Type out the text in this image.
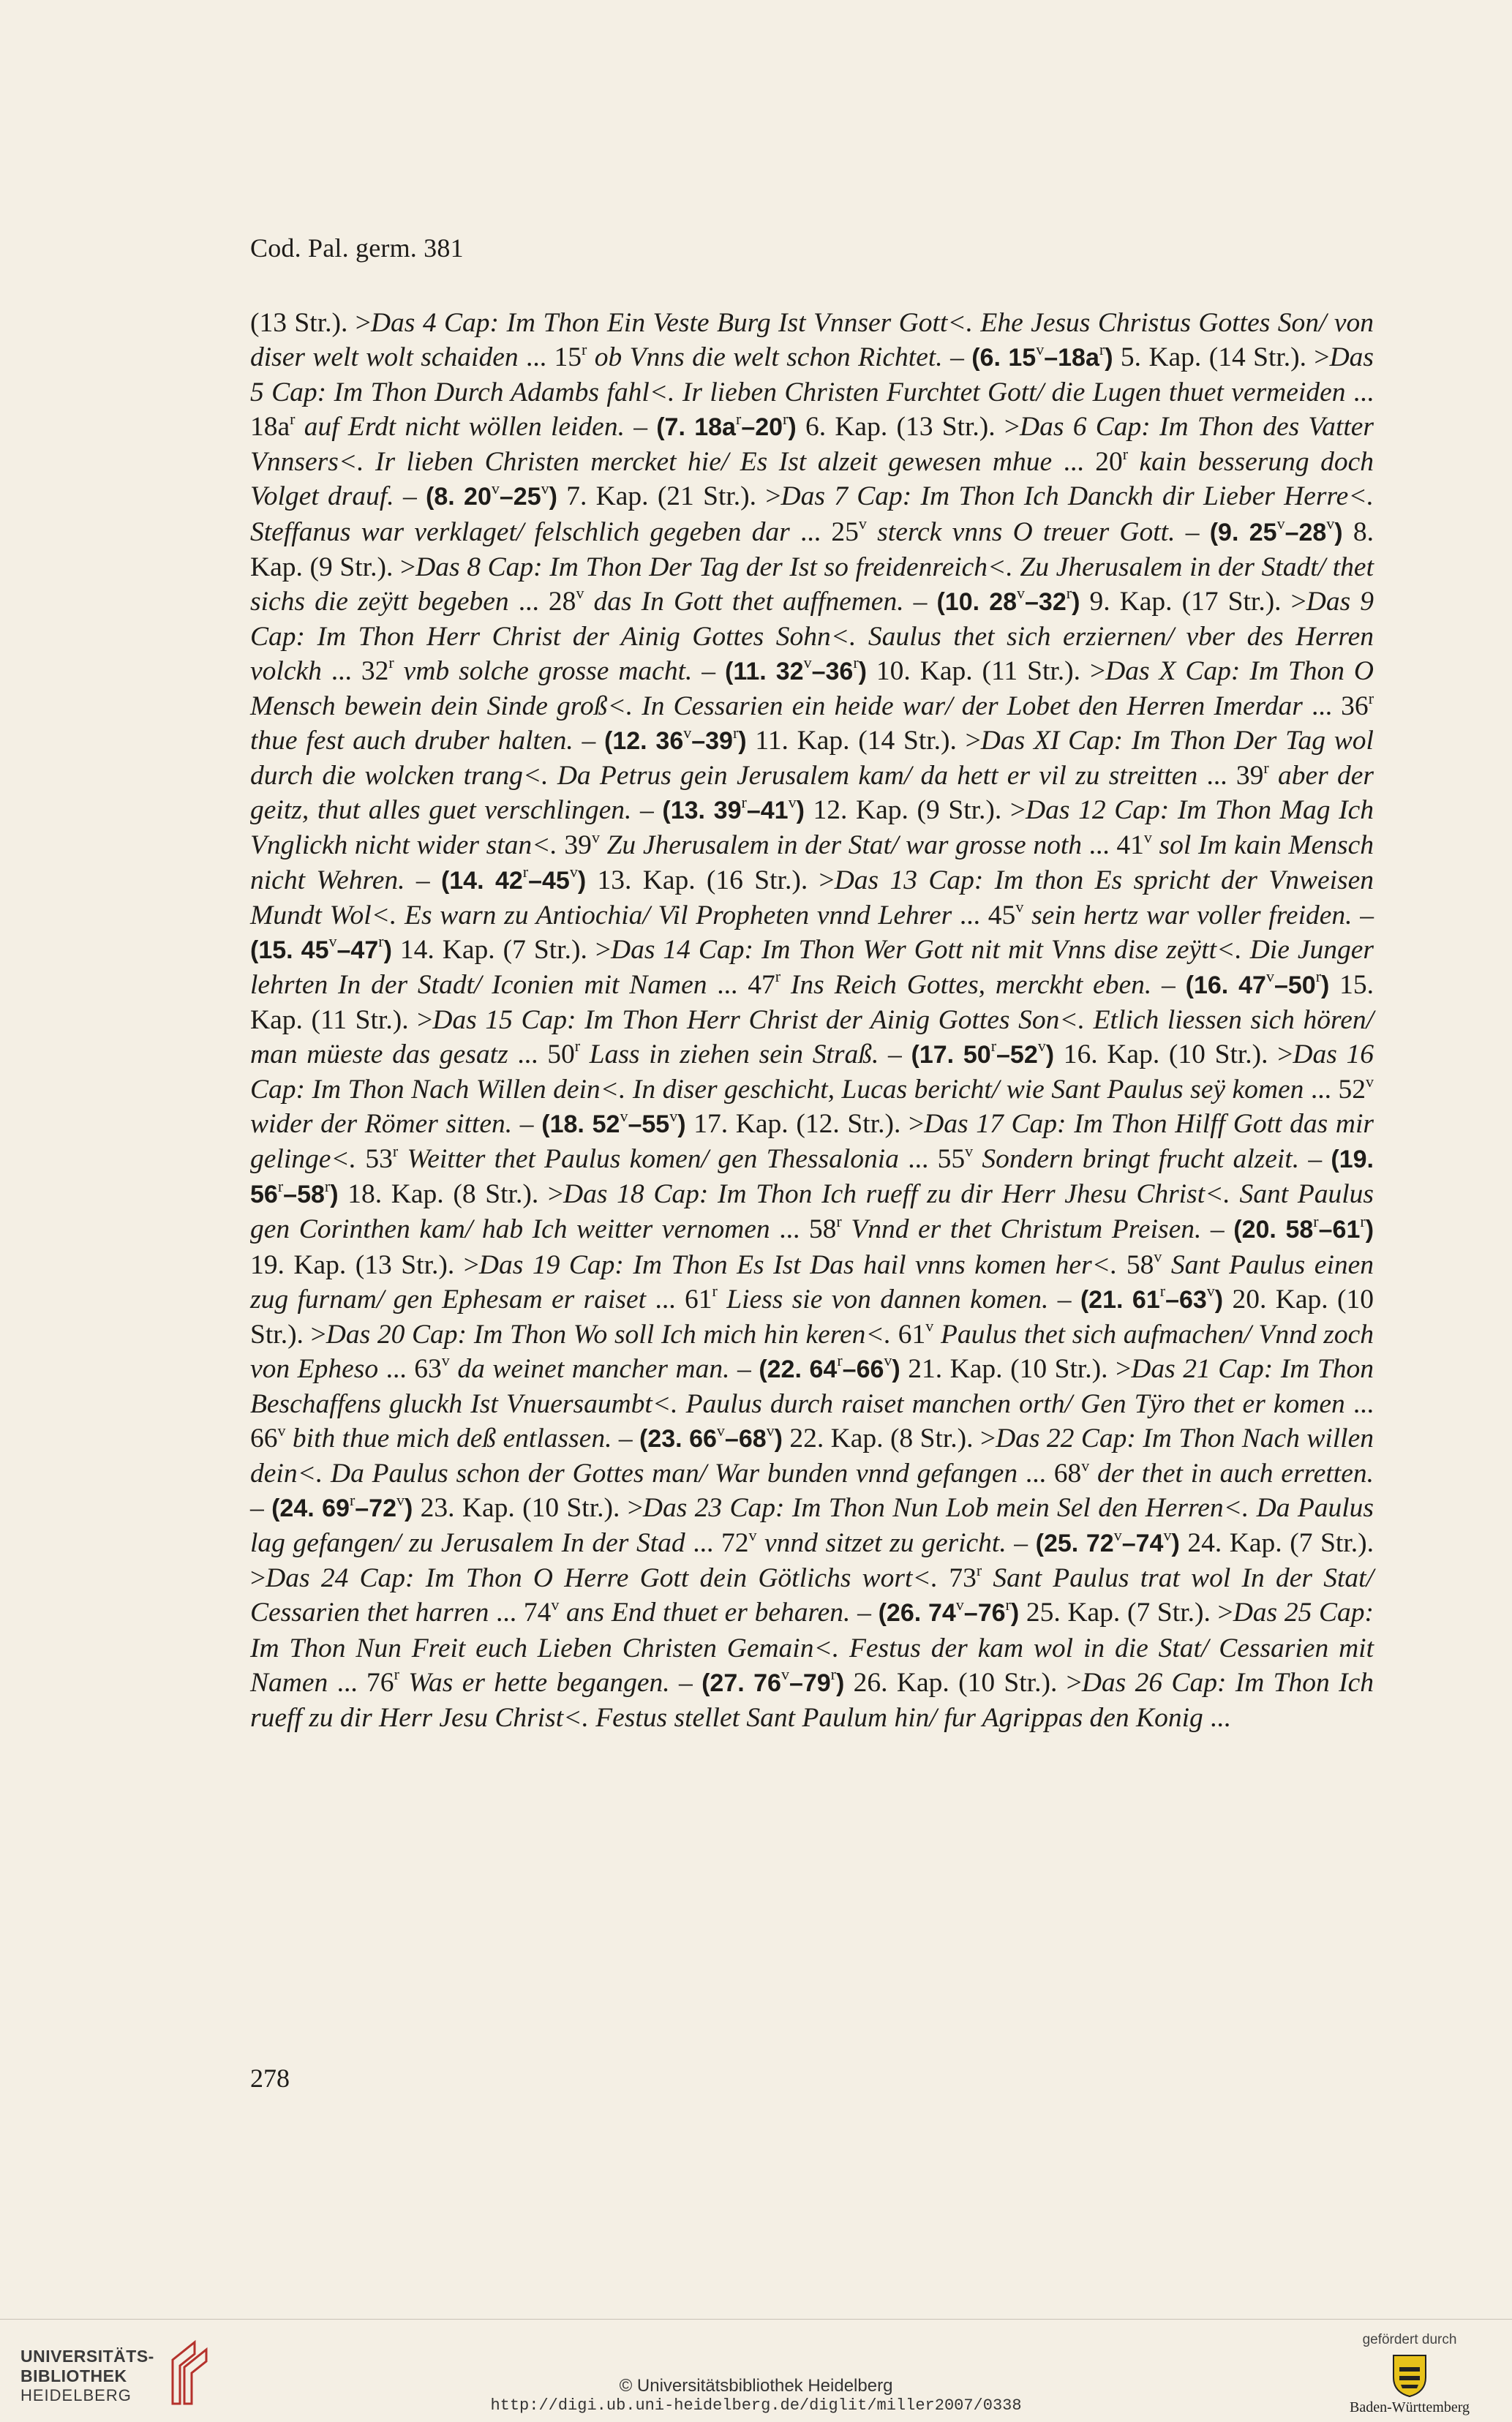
Cod. Pal. germ. 381
(13 Str.). >Das 4 Cap: Im Thon Ein Veste Burg Ist Vnnser Gott<. Ehe Jesus Christus Gottes Son/ von diser welt wolt schaiden ... 15$^r$ ob Vnns die welt schon Richtet. – (6. $15^v-18a^r$) 5. Kap. (14 Str.). >Das 5 Cap: Im Thon Durch Adambs fahl<. Ir lieben Christen Furchtet Gott/ die Lugen thuet vermeiden ... $18a^r$ auf Erdt nicht wöllen leiden. – (7. $18a^r-20^r$) 6. Kap. (13 Str.). >Das 6 Cap: Im Thon des Vatter Vnnsers<. Ir lieben Christen mercket hie/ Es Ist alzeit gewesen mhue ... 20$^r$ kain besserung doch Volget drauf. – (8. 20$^v$–25$^v$) 7. Kap. (21 Str.). >Das 7 Cap: Im Thon Ich Danckh dir Lieber Herre<. Steffanus war verklaget/ felschlich gegeben dar ... 25$^v$ sterck vnns O treuer Gott. – (9. 25$^v$–28$^v$) 8. Kap. (9 Str.). >Das 8 Cap: Im Thon Der Tag der Ist so freidenreich<. Zu Jherusalem in der Stadt/ thet sichs die zeÿtt begeben ... 28$^v$ das In Gott thet auffnemen. – (10. 28$^v$–32$^r$) 9. Kap. (17 Str.). >Das 9 Cap: Im Thon Herr Christ der Ainig Gottes Sohn<. Saulus thet sich erziernen/ vber des Herren volckh ... 32$^r$ vmb solche grosse macht. – (11. 32$^v$–36$^r$) 10. Kap. (11 Str.). >Das X Cap: Im Thon O Mensch bewein dein Sinde groß<. In Cessarien ein heide war/ der Lobet den Herren Imerdar ... 36$^r$ thue fest auch druber halten. – (12. 36$^v$–39$^r$) 11. Kap. (14 Str.). >Das XI Cap: Im Thon Der Tag wol durch die wolcken trang<. Da Petrus gein Jerusalem kam/ da hett er vil zu streitten ... 39$^r$ aber der geitz, thut alles guet verschlingen. – (13. 39$^r$–41$^v$) 12. Kap. (9 Str.). >Das 12 Cap: Im Thon Mag Ich Vnglickh nicht wider stan<. 39$^v$ Zu Jherusalem in der Stat/ war grosse noth ... 41$^v$ sol Im kain Mensch nicht Wehren. – (14. 42$^r$–45$^v$) 13. Kap. (16 Str.). >Das 13 Cap: Im thon Es spricht der Vnweisen Mundt Wol<. Es warn zu Antiochia/ Vil Propheten vnnd Lehrer ... 45$^v$ sein hertz war voller freiden. – (15. 45$^v$–47$^r$) 14. Kap. (7 Str.). >Das 14 Cap: Im Thon Wer Gott nit mit Vnns dise zeÿtt<. Die Junger lehrten In der Stadt/ Iconien mit Namen ... 47$^r$ Ins Reich Gottes, merckht eben. – (16. 47$^v$–50$^r$) 15. Kap. (11 Str.). >Das 15 Cap: Im Thon Herr Christ der Ainig Gottes Son<. Etlich liessen sich hören/ man müeste das gesatz ... 50$^r$ Lass in ziehen sein Straß. – (17. 50$^r$–52$^v$) 16. Kap. (10 Str.). >Das 16 Cap: Im Thon Nach Willen dein<. In diser geschicht, Lucas bericht/ wie Sant Paulus seÿ komen ... 52$^v$ wider der Römer sitten. – (18. 52$^v$–55$^v$) 17. Kap. (12. Str.). >Das 17 Cap: Im Thon Hilff Gott das mir gelinge<. 53$^r$ Weitter thet Paulus komen/ gen Thessalonia ... 55$^v$ Sondern bringt frucht alzeit. – (19. 56$^r$–58$^r$) 18. Kap. (8 Str.). >Das 18 Cap: Im Thon Ich rueff zu dir Herr Jhesu Christ<. Sant Paulus gen Corinthen kam/ hab Ich weitter vernomen ... 58$^r$ Vnnd er thet Christum Preisen. – (20. 58$^r$–61$^r$) 19. Kap. (13 Str.). >Das 19 Cap: Im Thon Es Ist Das hail vnns komen her<. 58$^v$ Sant Paulus einen zug furnam/ gen Ephesam er raiset ... 61$^r$ Liess sie von dannen komen. – (21. 61$^r$–63$^v$) 20. Kap. (10 Str.). >Das 20 Cap: Im Thon Wo soll Ich mich hin keren<. 61$^v$ Paulus thet sich aufmachen/ Vnnd zoch von Epheso ... 63$^v$ da weinet mancher man. – (22. 64$^r$–66$^v$) 21. Kap. (10 Str.). >Das 21 Cap: Im Thon Beschaffens gluckh Ist Vnuersaumbt<. Paulus durch raiset manchen orth/ Gen Tÿro thet er komen ... 66$^v$ bith thue mich deß entlassen. – (23. 66$^v$–68$^v$) 22. Kap. (8 Str.). >Das 22 Cap: Im Thon Nach willen dein<. Da Paulus schon der Gottes man/ War bunden vnnd gefangen ... 68$^v$ der thet in auch erretten. – (24. 69$^r$–72$^v$) 23. Kap. (10 Str.). >Das 23 Cap: Im Thon Nun Lob mein Sel den Herren<. Da Paulus lag gefangen/ zu Jerusalem In der Stad ... 72$^v$ vnnd sitzet zu gericht. – (25. 72$^v$–74$^v$) 24. Kap. (7 Str.). >Das 24 Cap: Im Thon O Herre Gott dein Götlichs wort<. 73$^r$ Sant Paulus trat wol In der Stat/ Cessarien thet harren ... 74$^v$ ans End thuet er beharen. – (26. 74$^v$–76$^r$) 25. Kap. (7 Str.). >Das 25 Cap: Im Thon Nun Freit euch Lieben Christen Gemain<. Festus der kam wol in die Stat/ Cessarien mit Namen ... 76$^r$ Was er hette begangen. – (27. 76$^v$–79$^r$) 26. Kap. (10 Str.). >Das 26 Cap: Im Thon Ich rueff zu dir Herr Jesu Christ<. Festus stellet Sant Paulum hin/ fur Agrippas den Konig ...
278
UNIVERSITÄTS-
BIBLIOTHEK
HEIDELBERG	© Universitätsbibliothek Heidelberg
http://digi.ub.uni-heidelberg.de/diglit/miller2007/0338
gefördert durch
Baden-Württemberg
